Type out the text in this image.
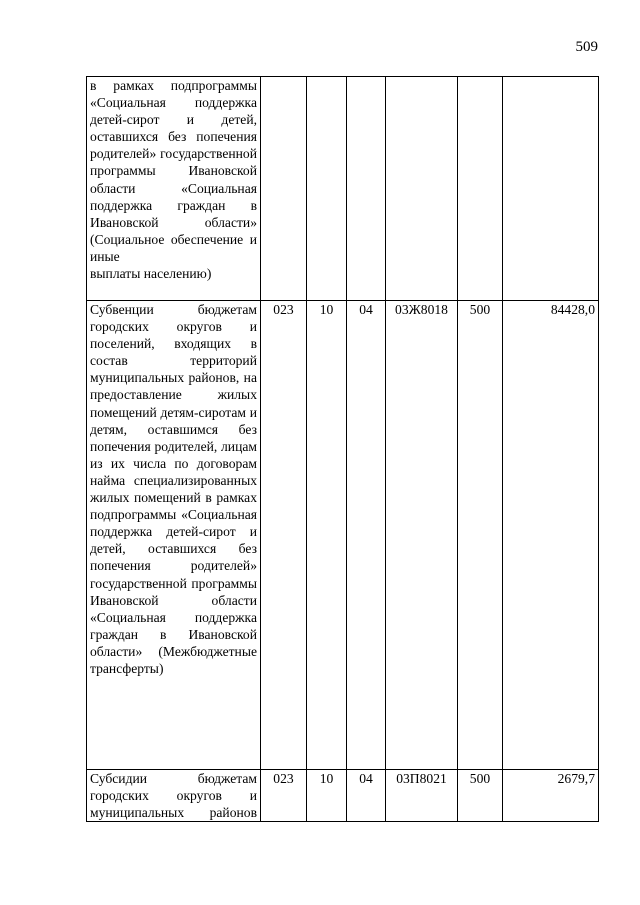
509
в рамках подпрограммы «Социальная поддержка детей-сирот и детей, оставшихся без попечения родителей» государственной программы Ивановской области «Социальная поддержка граждан в Ивановской области» (Социальное обеспечение и иные
выплаты населению)						

Субвенции бюджетам городских округов и поселений, входящих в состав территорий муниципальных районов, на предоставление жилых помещений детям-сиротам и детям, оставшимся без попечения родителей, лицам из их числа по договорам найма специализированных жилых помещений в рамках подпрограммы «Социальная поддержка детей-сирот и детей, оставшихся без попечения родителей» государственной программы Ивановской области «Социальная поддержка граждан в Ивановской области» (Межбюджетные
трансферты)	023	10	04	03Ж8018	500	84428,0

Субсидии бюджетам городских округов и муниципальных районов	023	10	04	03П8021	500	2679,7
